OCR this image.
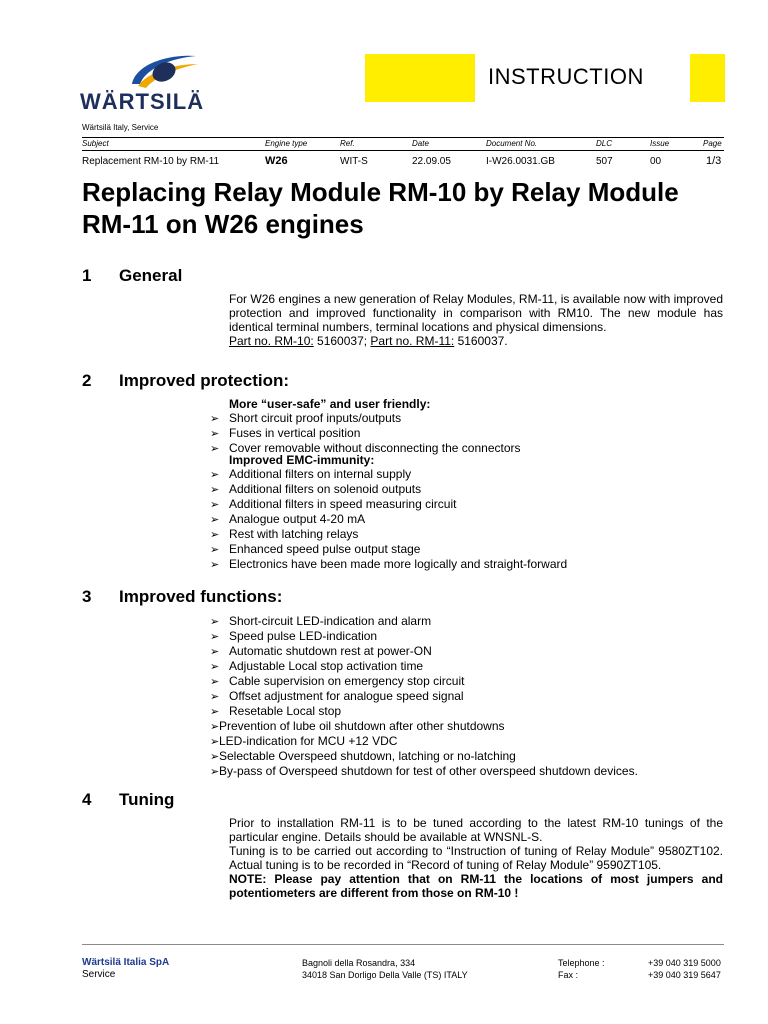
WÄRTSILÄ
Wärtsilä Italy, Service
INSTRUCTION
Subject	Engine type	Ref.	Date	Document No.	DLC	Issue	Page
Replacement RM-10 by RM-11	W26	WIT-S	22.09.05	I-W26.0031.GB	507	00	1/3
Replacing Relay Module RM-10 by Relay Module RM-11 on W26 engines
1 General
For W26 engines a new generation of Relay Modules, RM-11, is available now with improved protection and improved functionality in comparison with RM10. The new module has identical terminal numbers, terminal locations and physical dimensions.
Part no. RM-10: 5160037; Part no. RM-11: 5160037.
2 Improved protection:
More “user-safe” and user friendly:
➢ Short circuit proof inputs/outputs
➢ Fuses in vertical position
➢ Cover removable without disconnecting the connectors
Improved EMC-immunity:
➢ Additional filters on internal supply
➢ Additional filters on solenoid outputs
➢ Additional filters in speed measuring circuit
➢ Analogue output 4-20 mA
➢ Rest with latching relays
➢ Enhanced speed pulse output stage
➢ Electronics have been made more logically and straight-forward
3 Improved functions:
➢ Short-circuit LED-indication and alarm
➢ Speed pulse LED-indication
➢ Automatic shutdown rest at power-ON
➢ Adjustable Local stop activation time
➢ Cable supervision on emergency stop circuit
➢ Offset adjustment for analogue speed signal
➢ Resetable Local stop
➢Prevention of lube oil shutdown after other shutdowns
➢LED-indication for MCU +12 VDC
➢Selectable Overspeed shutdown, latching or no-latching
➢By-pass of Overspeed shutdown for test of other overspeed shutdown devices.
4 Tuning
Prior to installation RM-11 is to be tuned according to the latest RM-10 tunings of the particular engine. Details should be available at WNSNL-S.
Tuning is to be carried out according to “Instruction of tuning of Relay Module” 9580ZT102. Actual tuning is to be recorded in “Record of tuning of Relay Module” 9590ZT105.
NOTE: Please pay attention that on RM-11 the locations of most jumpers and potentiometers are different from those on RM-10 !
Wärtsilä Italia SpA
Service
Bagnoli della Rosandra, 334
34018 San Dorligo Della Valle (TS) ITALY
Telephone :
Fax :
+39 040 319 5000
+39 040 319 5647
